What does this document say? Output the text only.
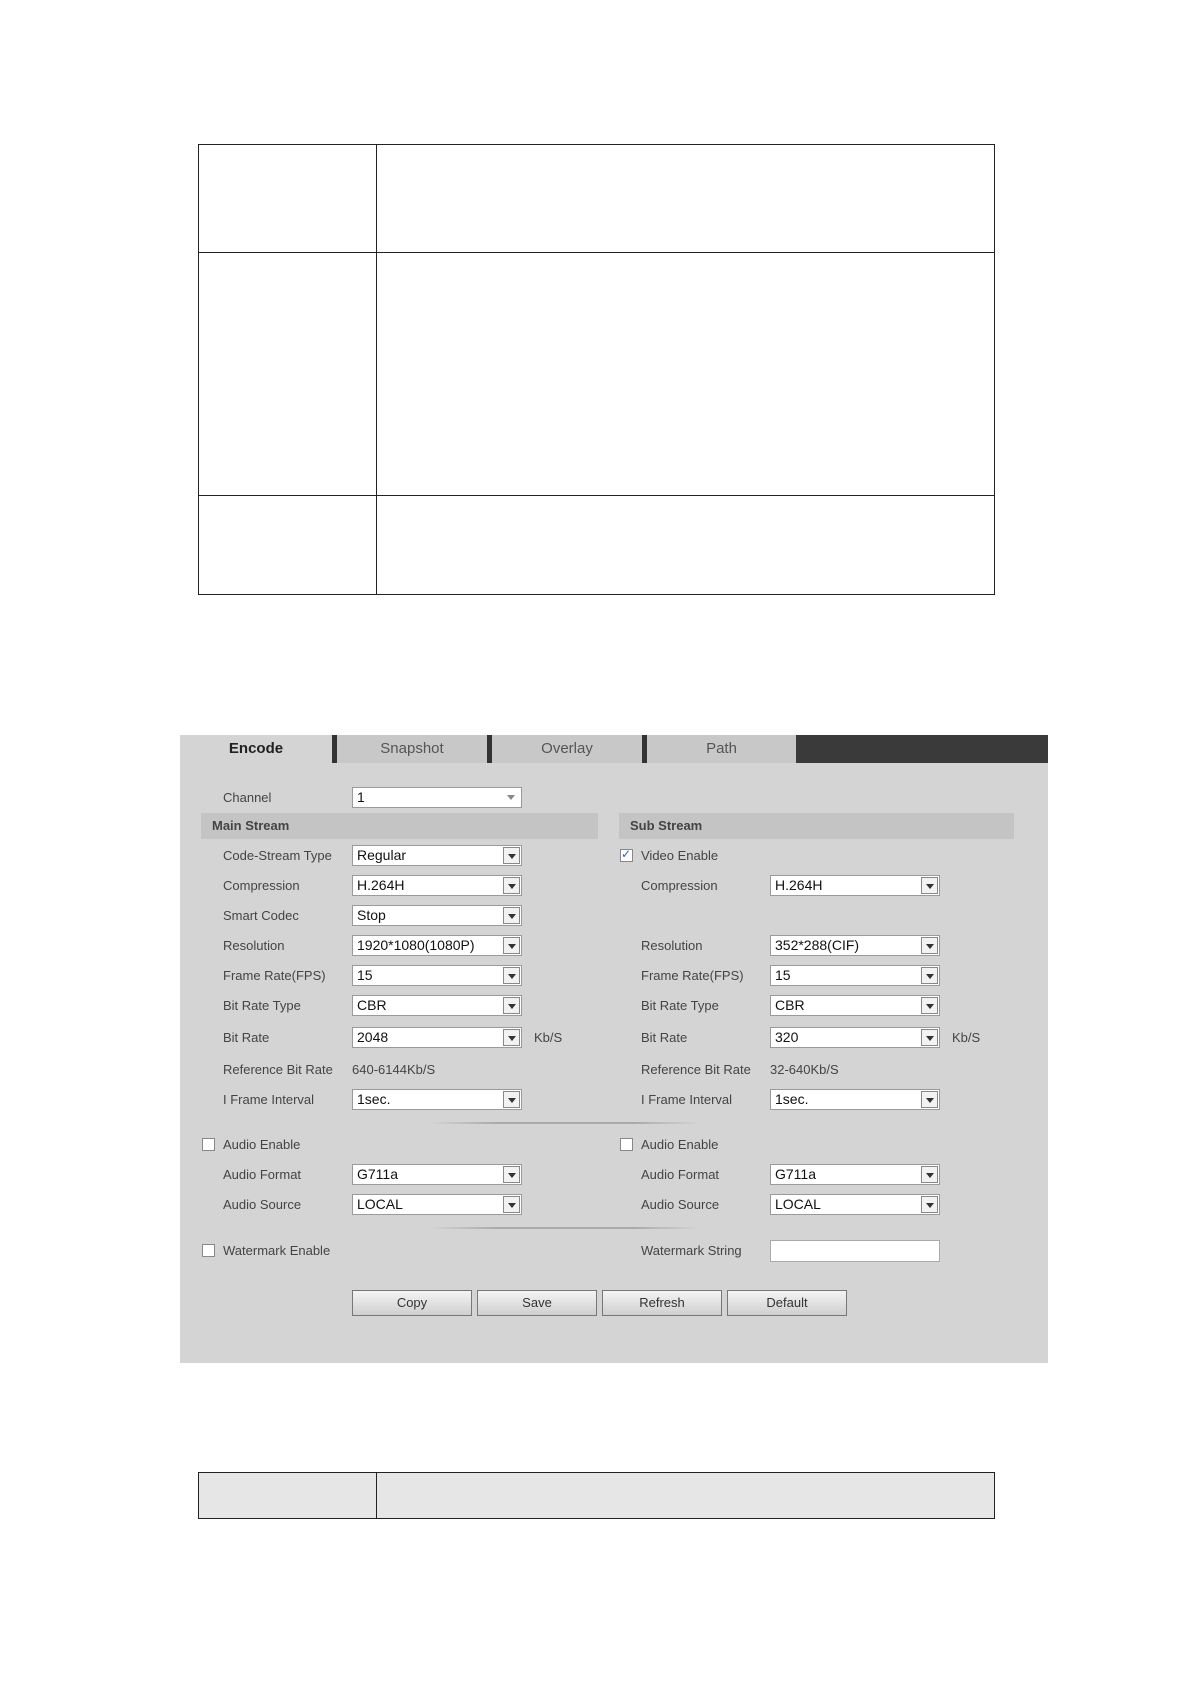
Encode	Snapshot	Overlay	Path
Channel	1
Main Stream	Sub Stream
Code-Stream Type	Regular
Compression	H.264H
Smart Codec	Stop
Resolution	1920*1080(1080P)
Frame Rate(FPS)	15
Bit Rate Type	CBR
Bit Rate	2048	Kb/S
Reference Bit Rate 640-6144Kb/S
I Frame Interval	1sec.
Audio Enable
Audio Format	G711a
Audio Source	LOCAL
Watermark Enable
✓
Video Enable
Compression	H.264H
Resolution	352*288(CIF)
Frame Rate(FPS)	15
Bit Rate Type	CBR
Bit Rate	320	Kb/S
Reference Bit Rate 32-640Kb/S
I Frame Interval	1sec.
Audio Enable
Audio Format	G711a
Audio Source	LOCAL
Watermark String
Copy	Save	Refresh	Default
